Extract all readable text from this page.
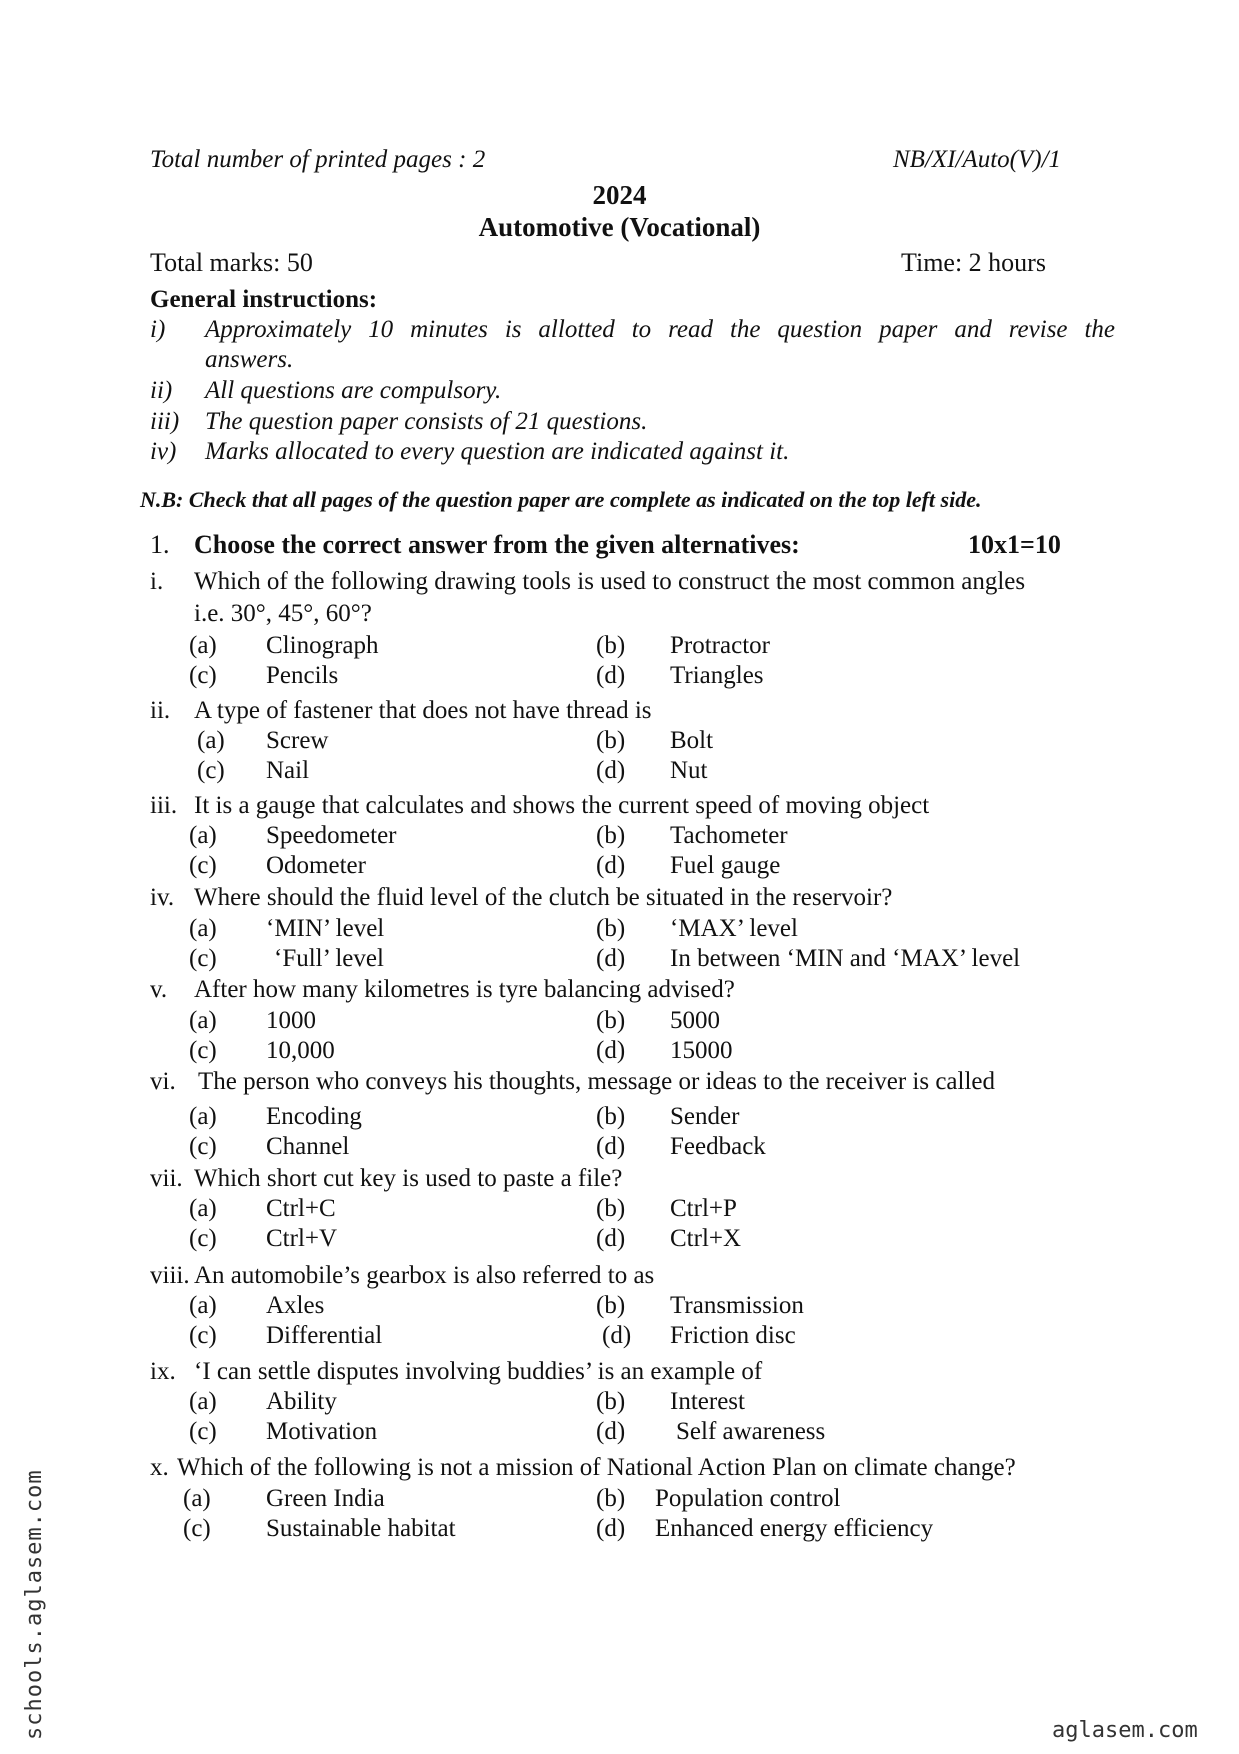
Total number of printed pages : 2	NB/XI/Auto(V)/1
2024
Automotive (Vocational)
Total marks: 50	Time: 2 hours
General instructions:
i) Approximately 10 minutes is allotted to read the question paper and revise the
answers.
ii) All questions are compulsory.
iii) The question paper consists of 21 questions.
iv) Marks allocated to every question are indicated against it.
N.B: Check that all pages of the question paper are complete as indicated on the top left side.
1. Choose the correct answer from the given alternatives:	10x1=10
i. Which of the following drawing tools is used to construct the most common angles
i.e. 30°, 45°, 60°?
(a) Clinograph	(b) Protractor
(c) Pencils	(d) Triangles
ii. A type of fastener that does not have thread is
(a) Screw	(b) Bolt
(c) Nail	(d) Nut
iii. It is a gauge that calculates and shows the current speed of moving object
(a) Speedometer	(b) Tachometer
(c) Odometer	(d) Fuel gauge
iv. Where should the fluid level of the clutch be situated in the reservoir?
(a) ‘MIN’ level	(b) ‘MAX’ level
(c) ‘Full’ level	(d) In between ‘MIN and ‘MAX’ level
v. After how many kilometres is tyre balancing advised?
(a) 1000	(b) 5000
(c) 10,000	(d) 15000
vi. The person who conveys his thoughts, message or ideas to the receiver is called
(a) Encoding	(b) Sender
(c) Channel	(d) Feedback
vii. Which short cut key is used to paste a file?
(a) Ctrl+C	(b) Ctrl+P
(c) Ctrl+V	(d) Ctrl+X
viii. An automobile’s gearbox is also referred to as
(a) Axles	(b) Transmission
(c) Differential	(d) Friction disc
ix. ‘I can settle disputes involving buddies’ is an example of
(a) Ability	(b) Interest
(c) Motivation	(d) Self awareness
x. Which of the following is not a mission of National Action Plan on climate change?
(a) Green India	(b) Population control
(c) Sustainable habitat	(d) Enhanced energy efficiency
schools.aglasem.com	aglasem.com
